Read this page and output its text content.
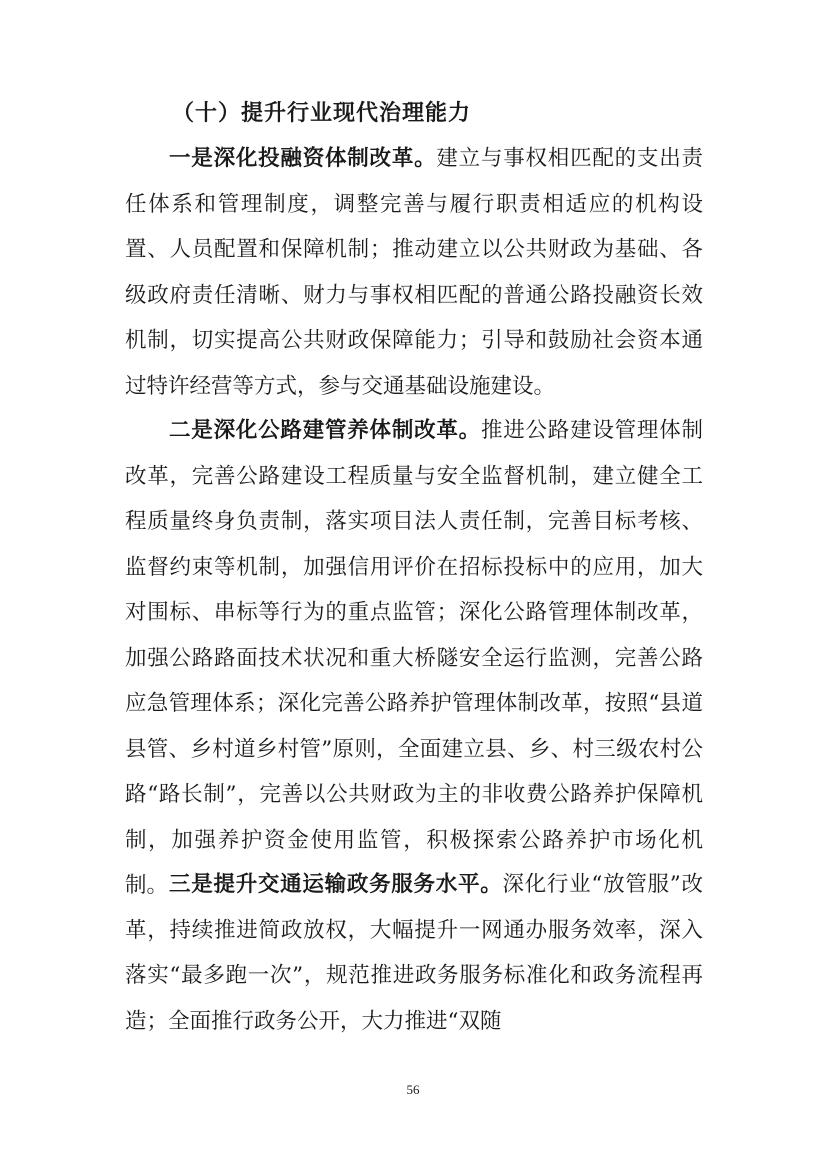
（十）提升行业现代治理能力

一是深化投融资体制改革。建立与事权相匹配的支出责任体系和管理制度，调整完善与履行职责相适应的机构设置、人员配置和保障机制；推动建立以公共财政为基础、各级政府责任清晰、财力与事权相匹配的普通公路投融资长效机制，切实提高公共财政保障能力；引导和鼓励社会资本通过特许经营等方式，参与交通基础设施建设。

二是深化公路建管养体制改革。推进公路建设管理体制改革，完善公路建设工程质量与安全监督机制，建立健全工程质量终身负责制，落实项目法人责任制，完善目标考核、监督约束等机制，加强信用评价在招标投标中的应用，加大对围标、串标等行为的重点监管；深化公路管理体制改革，加强公路路面技术状况和重大桥隧安全运行监测，完善公路应急管理体系；深化完善公路养护管理体制改革，按照“县道县管、乡村道乡村管”原则，全面建立县、乡、村三级农村公路“路长制”，完善以公共财政为主的非收费公路养护保障机制，加强养护资金使用监管，积极探索公路养护市场化机制。 三是提升交通运输政务服务水平。深化行业“放管服”改革，持续推进简政放权，大幅提升一网通办服务效率，深入落实“最多跑一次”，规范推进政务服务标准化和政务流程再造；全面推行政务公开，大力推进“双随

56
